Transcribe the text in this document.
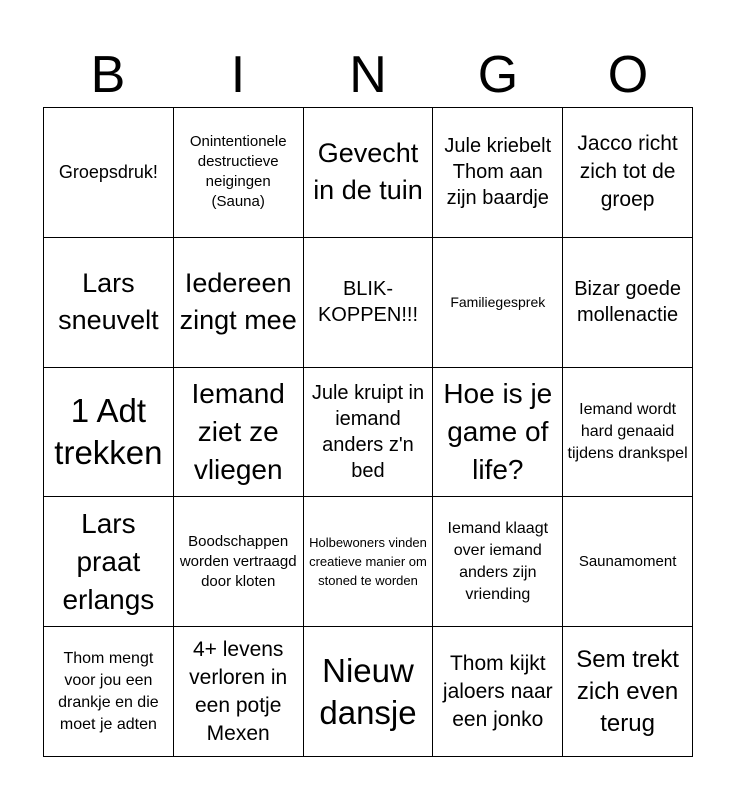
B	I	N	G	O
Groepsdruk!
Onintentionele destructieve neigingen (Sauna)
Gevecht in de tuin
Jule kriebelt Thom aan zijn baardje
Jacco richt zich tot de groep
Lars sneuvelt
Iedereen zingt mee
BLIK-KOPPEN!!!
Familiegesprek
Bizar goede mollenactie
1 Adt trekken
Iemand ziet ze vliegen
Jule kruipt in iemand anders z'n bed
Hoe is je game of life?
Iemand wordt hard genaaid tijdens drankspel
Lars praat erlangs
Boodschappen worden vertraagd door kloten
Holbewoners vinden creatieve manier om stoned te worden
Iemand klaagt over iemand anders zijn vriending
Saunamoment
Thom mengt voor jou een drankje en die moet je adten
4+ levens verloren in een potje Mexen
Nieuw dansje
Thom kijkt jaloers naar een jonko
Sem trekt zich even terug
